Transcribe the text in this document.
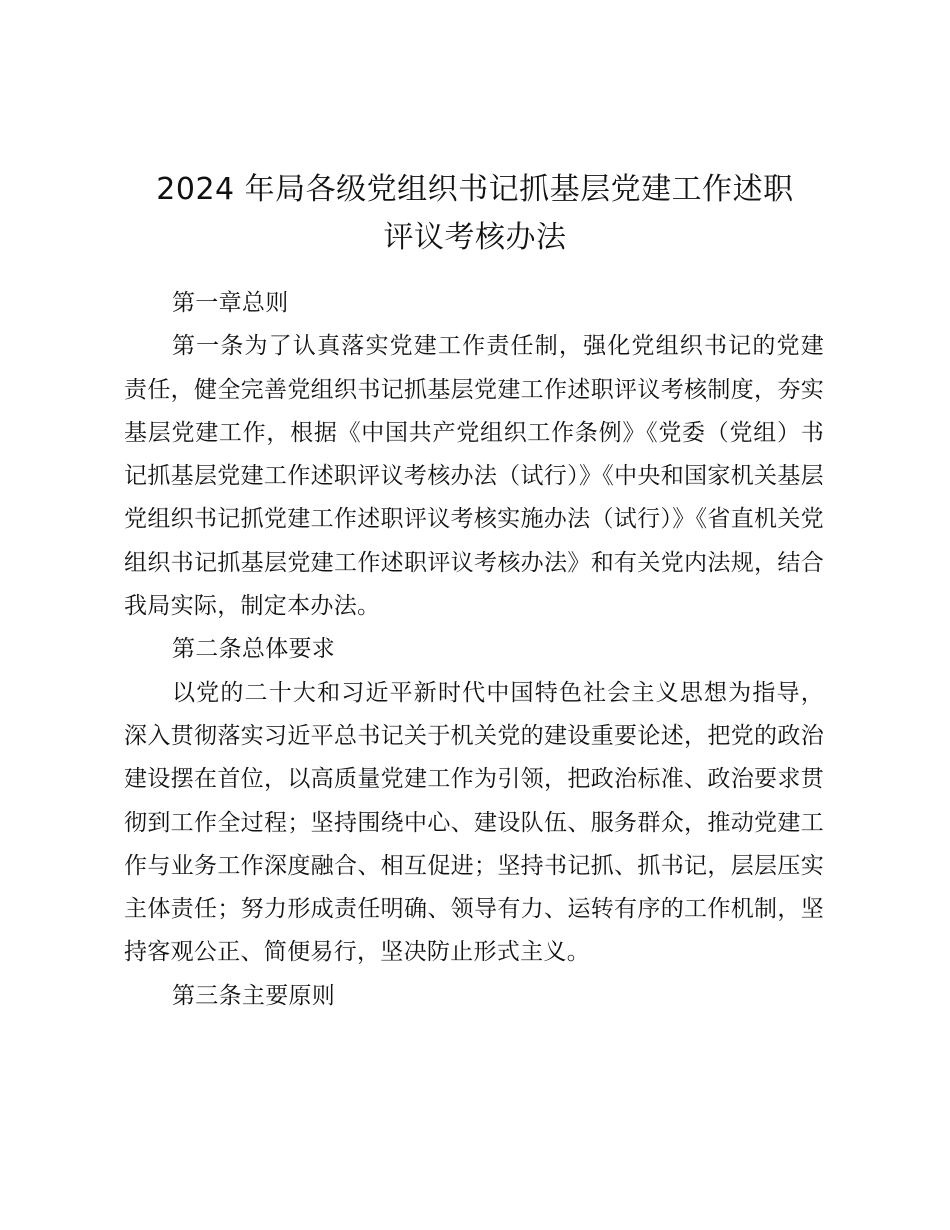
2024 年局各级党组织书记抓基层党建工作述职
评议考核办法

第一章总则

第一条为了认真落实党建工作责任制，强化党组织书记的党建责任，健全完善党组织书记抓基层党建工作述职评议考核制度，夯实基层党建工作，根据《中国共产党组织工作条例》《党委（党组）书记抓基层党建工作述职评议考核办法（试行）》《中央和国家机关基层党组织书记抓党建工作述职评议考核实施办法（试行）》《省直机关党组织书记抓基层党建工作述职评议考核办法》和有关党内法规，结合我局实际，制定本办法。

第二条总体要求

以党的二十大和习近平新时代中国特色社会主义思想为指导，深入贯彻落实习近平总书记关于机关党的建设重要论述，把党的政治建设摆在首位，以高质量党建工作为引领，把政治标准、政治要求贯彻到工作全过程；坚持围绕中心、建设队伍、服务群众，推动党建工作与业务工作深度融合、相互促进；坚持书记抓、抓书记，层层压实主体责任；努力形成责任明确、领导有力、运转有序的工作机制，坚持客观公正、简便易行，坚决防止形式主义。

第三条主要原则
